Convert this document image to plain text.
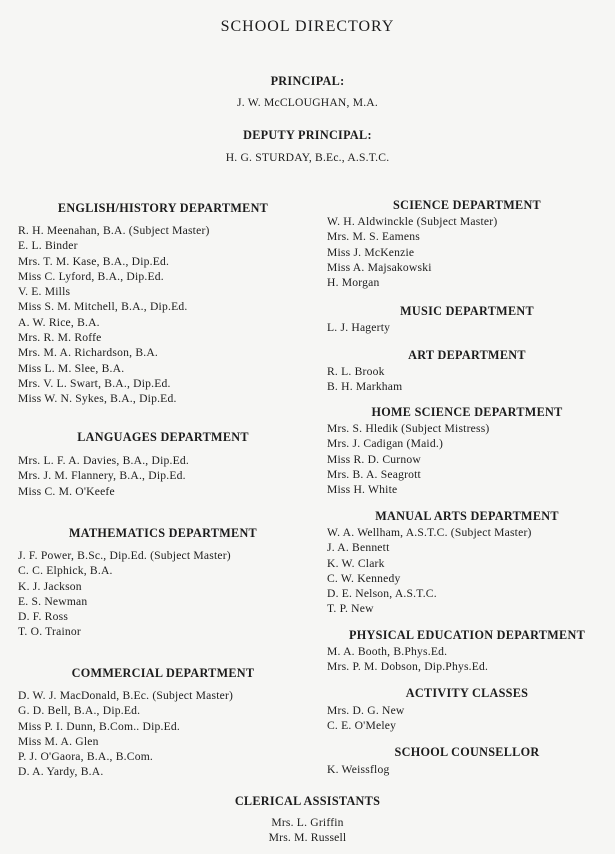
SCHOOL DIRECTORY
PRINCIPAL:
J. W. McCLOUGHAN, M.A.
DEPUTY PRINCIPAL:
H. G. STURDAY, B.Ec., A.S.T.C.
ENGLISH/HISTORY DEPARTMENT
R. H. Meenahan, B.A. (Subject Master)
E. L. Binder
Mrs. T. M. Kase, B.A., Dip.Ed.
Miss C. Lyford, B.A., Dip.Ed.
V. E. Mills
Miss S. M. Mitchell, B.A., Dip.Ed.
A. W. Rice, B.A.
Mrs. R. M. Roffe
Mrs. M. A. Richardson, B.A.
Miss L. M. Slee, B.A.
Mrs. V. L. Swart, B.A., Dip.Ed.
Miss W. N. Sykes, B.A., Dip.Ed.
LANGUAGES DEPARTMENT
Mrs. L. F. A. Davies, B.A., Dip.Ed.
Mrs. J. M. Flannery, B.A., Dip.Ed.
Miss C. M. O'Keefe
MATHEMATICS DEPARTMENT
J. F. Power, B.Sc., Dip.Ed. (Subject Master)
C. C. Elphick, B.A.
K. J. Jackson
E. S. Newman
D. F. Ross
T. O. Trainor
COMMERCIAL DEPARTMENT
D. W. J. MacDonald, B.Ec. (Subject Master)
G. D. Bell, B.A., Dip.Ed.
Miss P. I. Dunn, B.Com.. Dip.Ed.
Miss M. A. Glen
P. J. O'Gaora, B.A., B.Com.
D. A. Yardy, B.A.
SCIENCE DEPARTMENT
W. H. Aldwinckle (Subject Master)
Mrs. M. S. Eamens
Miss J. McKenzie
Miss A. Majsakowski
H. Morgan
MUSIC DEPARTMENT
L. J. Hagerty
ART DEPARTMENT
R. L. Brook
B. H. Markham
HOME SCIENCE DEPARTMENT
Mrs. S. Hledik (Subject Mistress)
Mrs. J. Cadigan (Maid.)
Miss R. D. Curnow
Mrs. B. A. Seagrott
Miss H. White
MANUAL ARTS DEPARTMENT
W. A. Wellham, A.S.T.C. (Subject Master)
J. A. Bennett
K. W. Clark
C. W. Kennedy
D. E. Nelson, A.S.T.C.
T. P. New
PHYSICAL EDUCATION DEPARTMENT
M. A. Booth, B.Phys.Ed.
Mrs. P. M. Dobson, Dip.Phys.Ed.
ACTIVITY CLASSES
Mrs. D. G. New
C. E. O'Meley
SCHOOL COUNSELLOR
K. Weissflog
CLERICAL ASSISTANTS
Mrs. L. Griffin
Mrs. M. Russell
